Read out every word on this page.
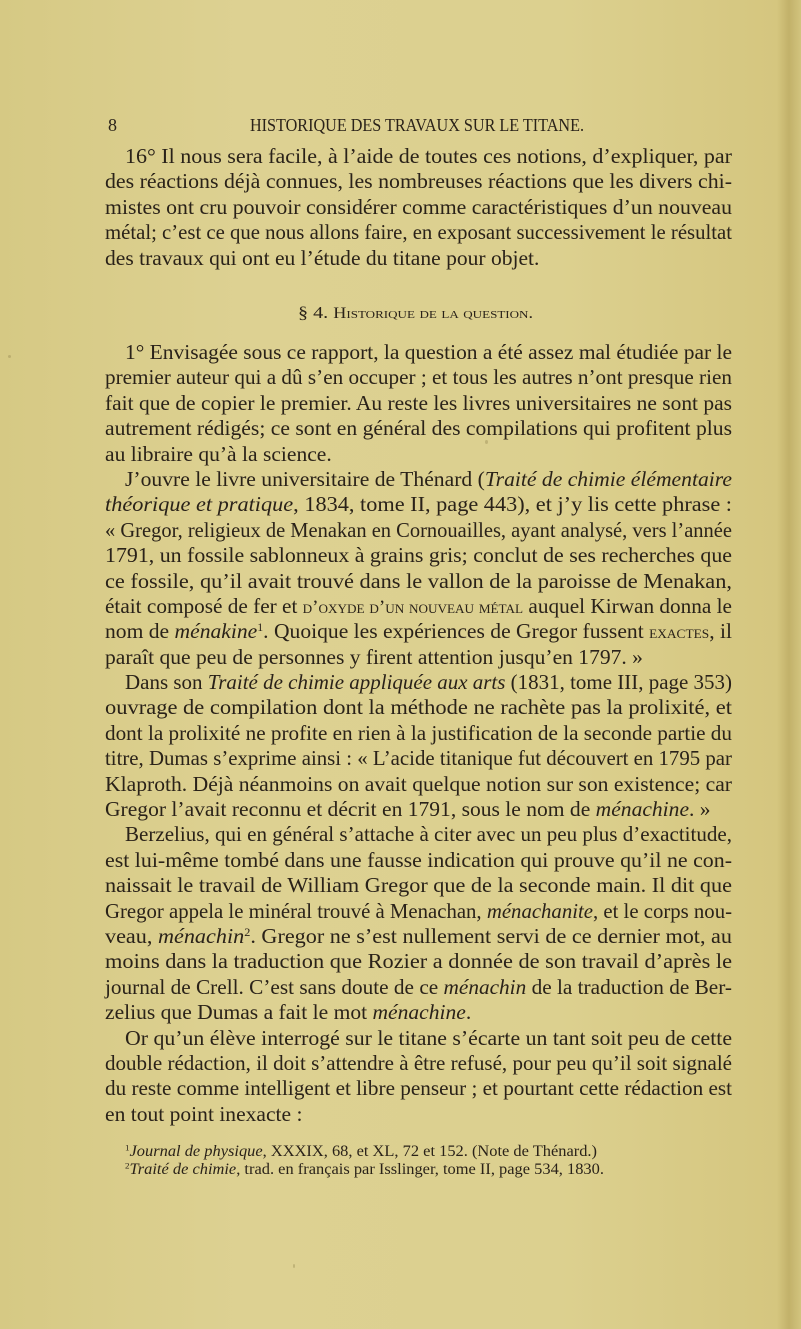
8	HISTORIQUE DES TRAVAUX SUR LE TITANE.
16° Il nous sera facile, à l’aide de toutes ces notions, d’expliquer, par
des réactions déjà connues, les nombreuses réactions que les divers chi-
mistes ont cru pouvoir considérer comme caractéristiques d’un nouveau
métal; c’est ce que nous allons faire, en exposant successivement le résultat
des travaux qui ont eu l’étude du titane pour objet.
§ 4. Historique de la question.
1° Envisagée sous ce rapport, la question a été assez mal étudiée par le
premier auteur qui a dû s’en occuper ; et tous les autres n’ont presque rien
fait que de copier le premier. Au reste les livres universitaires ne sont pas
autrement rédigés; ce sont en général des compilations qui profitent plus
au libraire qu’à la science.
J’ouvre le livre universitaire de Thénard (Traité de chimie élémentaire
théorique et pratique, 1834, tome II, page 443), et j’y lis cette phrase :
« Gregor, religieux de Menakan en Cornouailles, ayant analysé, vers l’année
1791, un fossile sablonneux à grains gris; conclut de ses recherches que
ce fossile, qu’il avait trouvé dans le vallon de la paroisse de Menakan,
était composé de fer et d’oxyde d’un nouveau métal auquel Kirwan donna le
nom de ménakine$^1$. Quoique les expériences de Gregor fussent exactes, il
paraît que peu de personnes y firent attention jusqu’en 1797. »
Dans son Traité de chimie appliquée aux arts (1831, tome III, page 353)
ouvrage de compilation dont la méthode ne rachète pas la prolixité, et
dont la prolixité ne profite en rien à la justification de la seconde partie du
titre, Dumas s’exprime ainsi : « L’acide titanique fut découvert en 1795 par
Klaproth. Déjà néanmoins on avait quelque notion sur son existence; car
Gregor l’avait reconnu et décrit en 1791, sous le nom de ménachine. »
Berzelius, qui en général s’attache à citer avec un peu plus d’exactitude,
est lui-même tombé dans une fausse indication qui prouve qu’il ne con-
naissait le travail de William Gregor que de la seconde main. Il dit que
Gregor appela le minéral trouvé à Menachan, ménachanite, et le corps nou-
veau, ménachin$^2$. Gregor ne s’est nullement servi de ce dernier mot, au
moins dans la traduction que Rozier a donnée de son travail d’après le
journal de Crell. C’est sans doute de ce ménachin de la traduction de Ber-
zelius que Dumas a fait le mot ménachine.
Or qu’un élève interrogé sur le titane s’écarte un tant soit peu de cette
double rédaction, il doit s’attendre à être refusé, pour peu qu’il soit signalé
du reste comme intelligent et libre penseur ; et pourtant cette rédaction est
en tout point inexacte :
$^1$Journal de physique, XXXIX, 68, et XL, 72 et 152. (Note de Thénard.)
$^2$Traité de chimie, trad. en français par Isslinger, tome II, page 534, 1830.
